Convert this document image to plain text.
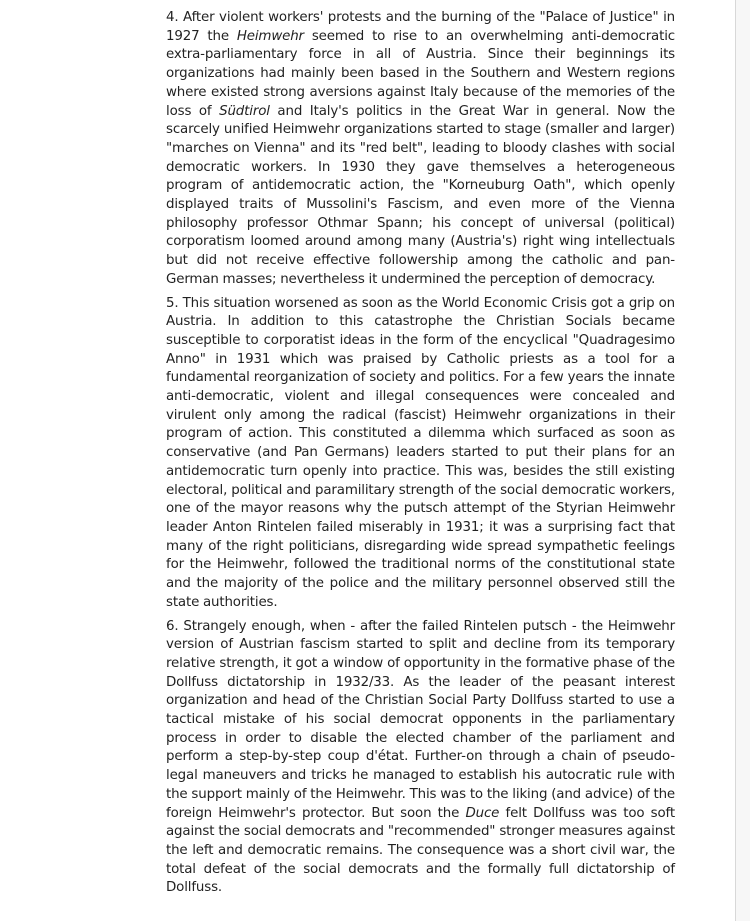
4. After violent workers' protests and the burning of the "Palace of Justice" in 1927 the Heimwehr seemed to rise to an overwhelming anti-democratic extra-parliamentary force in all of Austria. Since their beginnings its organizations had mainly been based in the Southern and Western regions where existed strong aversions against Italy because of the memories of the loss of Südtirol and Italy's politics in the Great War in general. Now the scarcely unified Heimwehr organizations started to stage (smaller and larger) "marches on Vienna" and its "red belt", leading to bloody clashes with social democratic workers. In 1930 they gave themselves a heterogeneous program of antidemocratic action, the "Korneuburg Oath", which openly displayed traits of Mussolini's Fascism, and even more of the Vienna philosophy professor Othmar Spann; his concept of universal (political) corporatism loomed around among many (Austria's) right wing intellectuals but did not receive effective followership among the catholic and pan-German masses; nevertheless it undermined the perception of democracy.

5. This situation worsened as soon as the World Economic Crisis got a grip on Austria. In addition to this catastrophe the Christian Socials became susceptible to corporatist ideas in the form of the encyclical "Quadragesimo Anno" in 1931 which was praised by Catholic priests as a tool for a fundamental reorganization of society and politics. For a few years the innate anti-democratic, violent and illegal consequences were concealed and virulent only among the radical (fascist) Heimwehr organizations in their program of action. This constituted a dilemma which surfaced as soon as conservative (and Pan Germans) leaders started to put their plans for an antidemocratic turn openly into practice. This was, besides the still existing electoral, political and paramilitary strength of the social democratic workers, one of the mayor reasons why the putsch attempt of the Styrian Heimwehr leader Anton Rintelen failed miserably in 1931; it was a surprising fact that many of the right politicians, disregarding wide spread sympathetic feelings for the Heimwehr, followed the traditional norms of the constitutional state and the majority of the police and the military personnel observed still the state authorities.

6. Strangely enough, when - after the failed Rintelen putsch - the Heimwehr version of Austrian fascism started to split and decline from its temporary relative strength, it got a window of opportunity in the formative phase of the Dollfuss dictatorship in 1932/33. As the leader of the peasant interest organization and head of the Christian Social Party Dollfuss started to use a tactical mistake of his social democrat opponents in the parliamentary process in order to disable the elected chamber of the parliament and perform a step-by-step coup d'état. Further-on through a chain of pseudo-legal maneuvers and tricks he managed to establish his autocratic rule with the support mainly of the Heimwehr. This was to the liking (and advice) of the foreign Heimwehr's protector. But soon the Duce felt Dollfuss was too soft against the social democrats and "recommended" stronger measures against the left and democratic remains. The consequence was a short civil war, the total defeat of the social democrats and the formally full dictatorship of Dollfuss.
